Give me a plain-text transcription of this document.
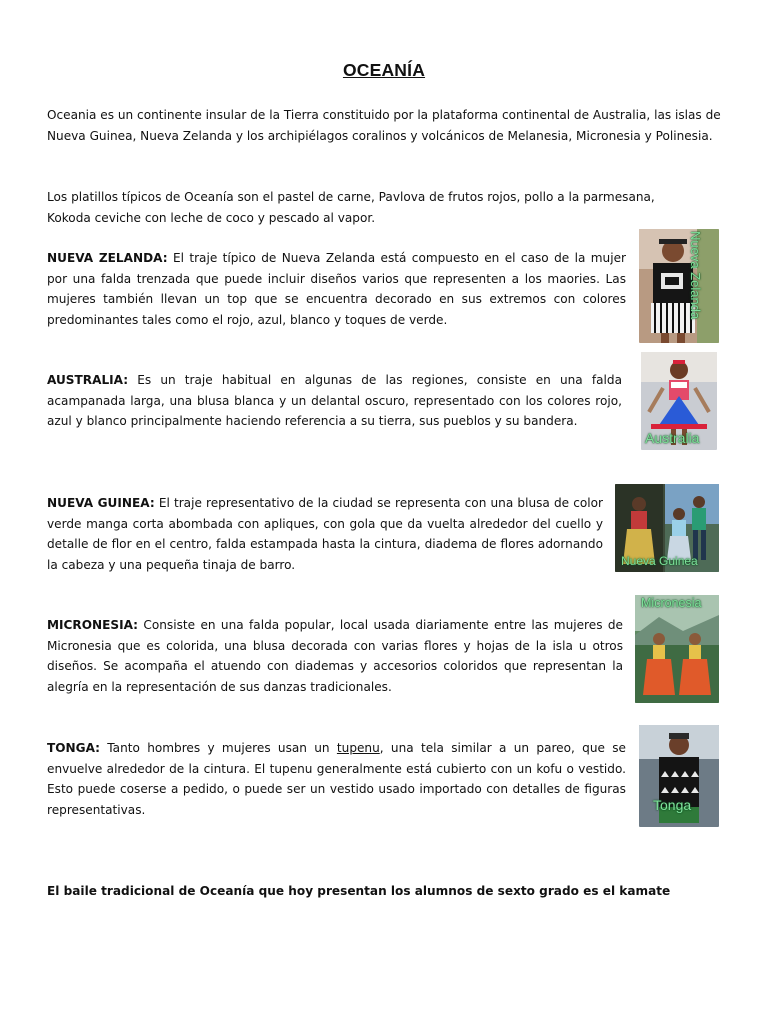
OCEANÍA

Oceania es un continente insular de la Tierra constituido por la plataforma continental de Australia, las islas de Nueva Guinea, Nueva Zelanda y los archipiélagos coralinos y volcánicos de Melanesia, Micronesia y Polinesia.

Los platillos típicos de Oceanía son el pastel de carne, Pavlova de frutos rojos, pollo a la parmesana, Kokoda ceviche con leche de coco y pescado al vapor.

NUEVA ZELANDA: El traje típico de Nueva Zelanda está compuesto en el caso de la mujer por una falda trenzada que puede incluir diseños varios que representen a los maories. Las mujeres también llevan un top que se encuentra decorado en sus extremos con colores predominantes tales como el rojo, azul, blanco y toques de verde.

Nueva Zelanda

AUSTRALIA: Es un traje habitual en algunas de las regiones, consiste en una falda acampanada larga, una blusa blanca y un delantal oscuro, representado con los colores rojo, azul y blanco principalmente haciendo referencia a su tierra, sus pueblos y su bandera.

Australia

NUEVA GUINEA: El traje representativo de la ciudad se representa con una blusa de color verde manga corta abombada con apliques, con gola que da vuelta alrededor del cuello y detalle de flor en el centro, falda estampada hasta la cintura, diadema de flores adornando la cabeza y una pequeña tinaja de barro.	Nueva Guinea

MICRONESIA: Consiste en una falda popular, local usada diariamente entre las mujeres de Micronesia que es colorida, una blusa decorada con varias flores y hojas de la isla u otros diseños. Se acompaña el atuendo con diademas y accesorios coloridos que representan la alegría en la representación de sus danzas tradicionales.

Micronesia

TONGA: Tanto hombres y mujeres usan un tupenu, una tela similar a un pareo, que se envuelve alrededor de la cintura. El tupenu generalmente está cubierto con un kofu o vestido. Esto puede coserse a pedido, o puede ser un vestido usado importado con detalles de figuras representativas.	Tonga

El baile tradicional de Oceanía que hoy presentan los alumnos de sexto grado es el kamate
